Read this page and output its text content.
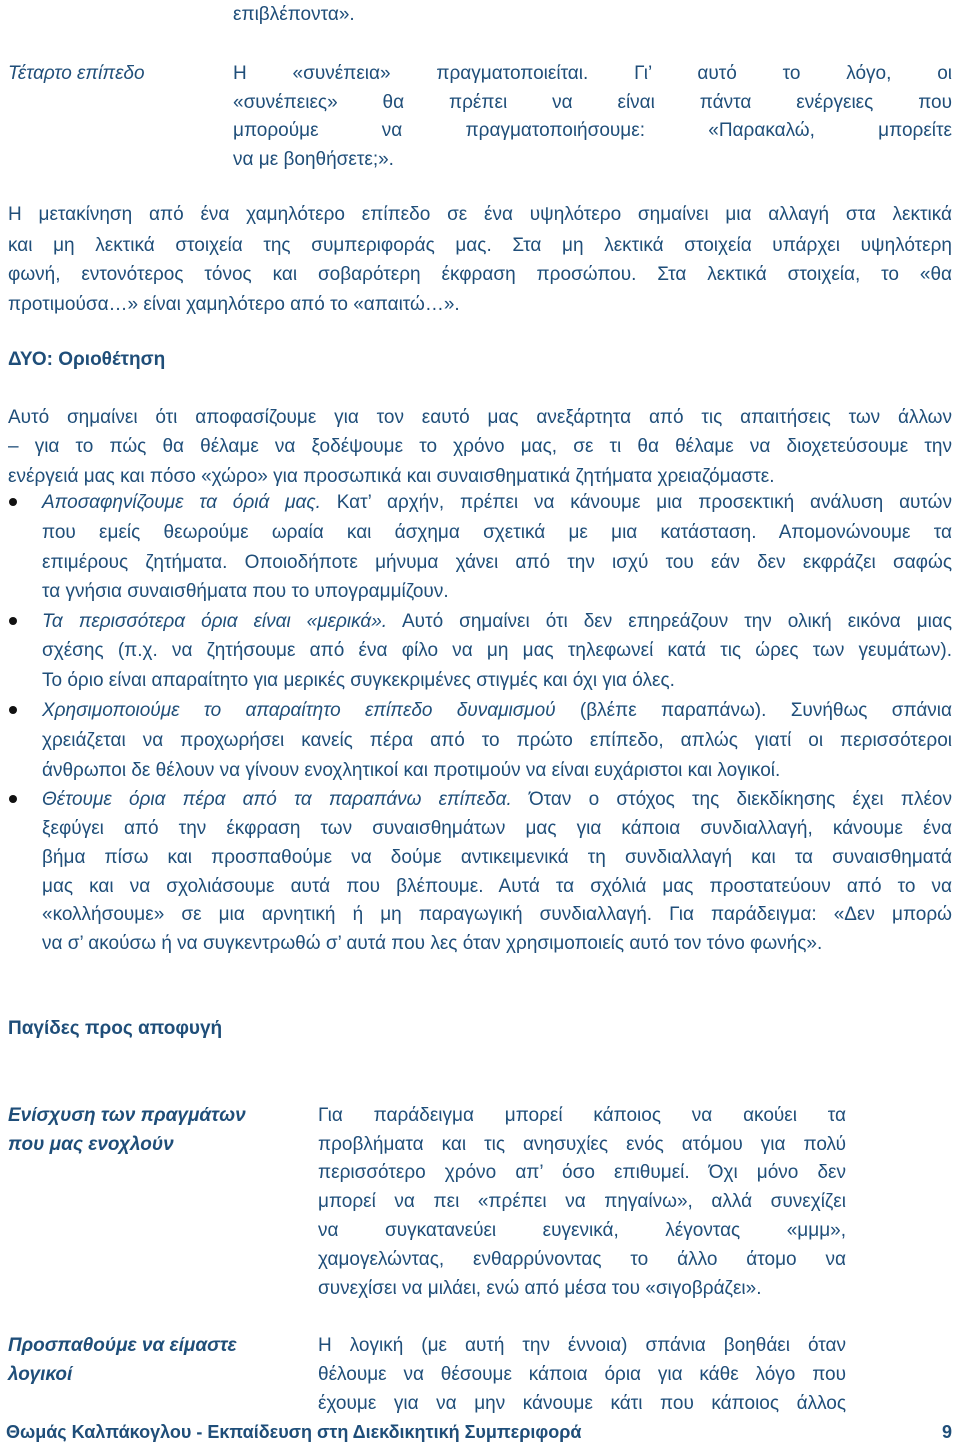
επιβλέποντα».
Τέταρτο επίπεδο	Η «συνέπεια» πραγματοποιείται. Γι’ αυτό το λόγο, οι
«συνέπειες» θα πρέπει να είναι πάντα ενέργειες που
μπορούμε να πραγματοποιήσουμε: «Παρακαλώ, μπορείτε
να με βοηθήσετε;».
Η μετακίνηση από ένα χαμηλότερο επίπεδο σε ένα υψηλότερο σημαίνει μια αλλαγή στα λεκτικά
και μη λεκτικά στοιχεία της συμπεριφοράς μας. Στα μη λεκτικά στοιχεία υπάρχει υψηλότερη
φωνή, εντονότερος τόνος και σοβαρότερη έκφραση προσώπου. Στα λεκτικά στοιχεία, το «θα
προτιμούσα…» είναι χαμηλότερο από το «απαιτώ…».
ΔΥΟ: Οριοθέτηση
Αυτό σημαίνει ότι αποφασίζουμε για τον εαυτό μας ανεξάρτητα από τις απαιτήσεις των άλλων
– για το πώς θα θέλαμε να ξοδέψουμε το χρόνο μας, σε τι θα θέλαμε να διοχετεύσουμε την
ενέργειά μας και πόσο «χώρο» για προσωπικά και συναισθηματικά ζητήματα χρειαζόμαστε.
Αποσαφηνίζουμε τα όριά μας. Κατ’ αρχήν, πρέπει να κάνουμε μια προσεκτική ανάλυση αυτών
που εμείς θεωρούμε ωραία και άσχημα σχετικά με μια κατάσταση. Απομονώνουμε τα
επιμέρους ζητήματα. Οποιοδήποτε μήνυμα χάνει από την ισχύ του εάν δεν εκφράζει σαφώς
τα γνήσια συναισθήματα που το υπογραμμίζουν.
Τα περισσότερα όρια είναι «μερικά». Αυτό σημαίνει ότι δεν επηρεάζουν την ολική εικόνα μιας
σχέσης (π.χ. να ζητήσουμε από ένα φίλο να μη μας τηλεφωνεί κατά τις ώρες των γευμάτων).
Το όριο είναι απαραίτητο για μερικές συγκεκριμένες στιγμές και όχι για όλες.
Χρησιμοποιούμε το απαραίτητο επίπεδο δυναμισμού (βλέπε παραπάνω). Συνήθως σπάνια
χρειάζεται να προχωρήσει κανείς πέρα από το πρώτο επίπεδο, απλώς γιατί οι περισσότεροι
άνθρωποι δε θέλουν να γίνουν ενοχλητικοί και προτιμούν να είναι ευχάριστοι και λογικοί.
Θέτουμε όρια πέρα από τα παραπάνω επίπεδα. Όταν ο στόχος της διεκδίκησης έχει πλέον
ξεφύγει από την έκφραση των συναισθημάτων μας για κάποια συνδιαλλαγή, κάνουμε ένα
βήμα πίσω και προσπαθούμε να δούμε αντικειμενικά τη συνδιαλλαγή και τα συναισθηματά
μας και να σχολιάσουμε αυτά που βλέπουμε. Αυτά τα σχόλιά μας προστατεύουν από το να
«κολλήσουμε» σε μια αρνητική ή μη παραγωγική συνδιαλλαγή. Για παράδειγμα: «Δεν μπορώ
να σ’ ακούσω ή να συγκεντρωθώ σ’ αυτά που λες όταν χρησιμοποιείς αυτό τον τόνο φωνής».
Παγίδες προς αποφυγή
Ενίσχυση των πραγμάτων
που μας ενοχλούν
Για παράδειγμα μπορεί κάποιος να ακούει τα
προβλήματα και τις ανησυχίες ενός ατόμου για πολύ
περισσότερο χρόνο απ’ όσο επιθυμεί. Όχι μόνο δεν
μπορεί να πει «πρέπει να πηγαίνω», αλλά συνεχίζει
να συγκατανεύει ευγενικά, λέγοντας «μμμ»,
χαμογελώντας, ενθαρρύνοντας το άλλο άτομο να
συνεχίσει να μιλάει, ενώ από μέσα του «σιγοβράζει».
Προσπαθούμε να είμαστε
λογικοί
Η λογική (με αυτή την έννοια) σπάνια βοηθάει όταν
θέλουμε να θέσουμε κάποια όρια για κάθε λόγο που
έχουμε για να μην κάνουμε κάτι που κάποιος άλλος
Θωμάς Καλπάκογλου - Εκπαίδευση στη Διεκδικητική Συμπεριφορά	9
